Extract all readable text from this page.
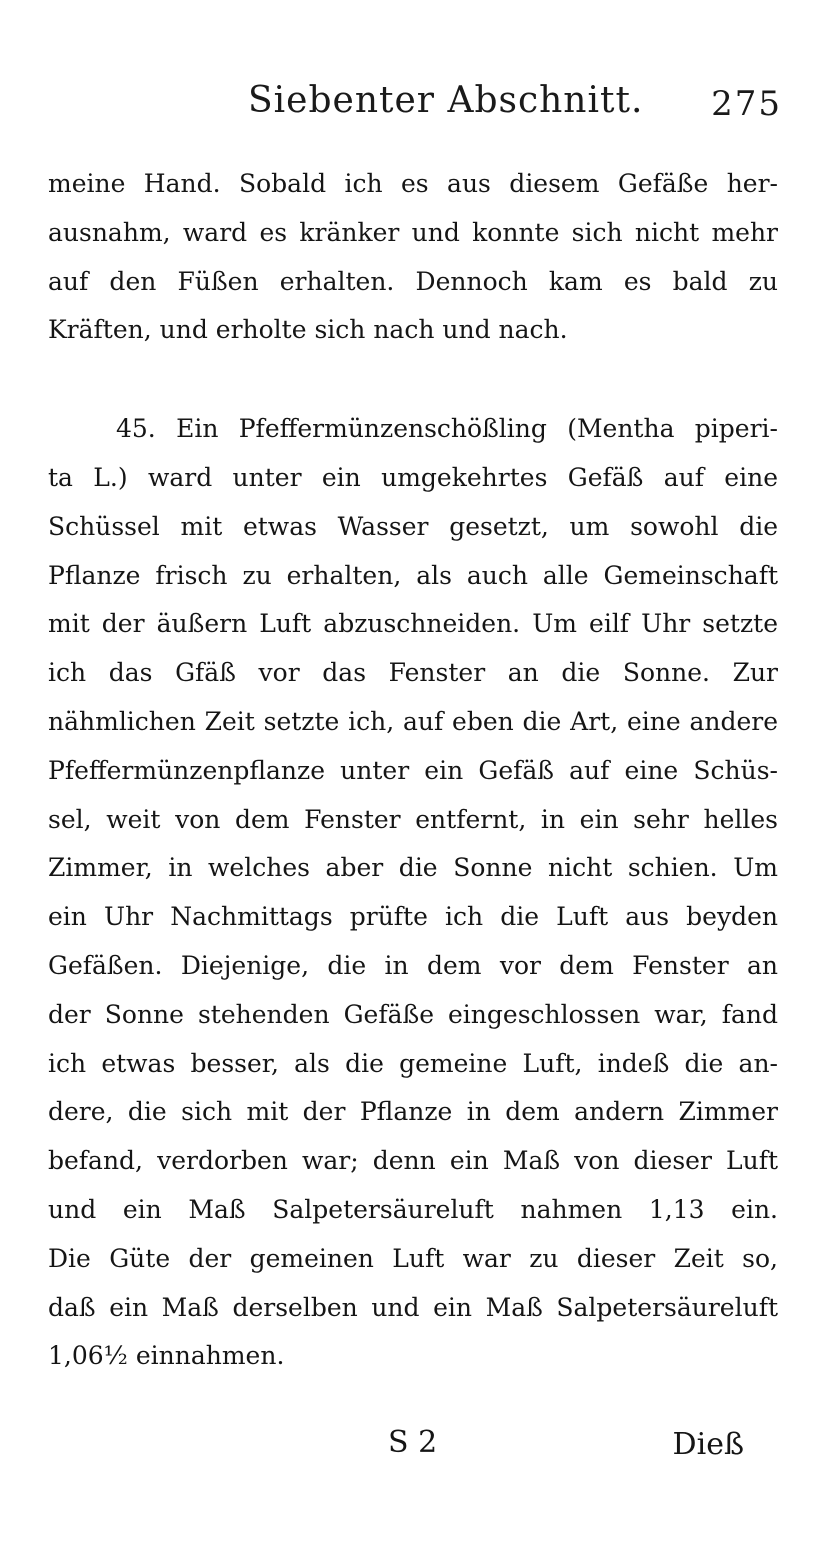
Siebenter Abschnitt. 275

meine Hand. Sobald ich es aus diesem Gefäße her-
ausnahm, ward es kränker und konnte sich nicht mehr
auf den Füßen erhalten. Dennoch kam es bald zu
Kräften, und erholte sich nach und nach.

45. Ein Pfeffermünzenschößling (Mentha piperi-
ta L.) ward unter ein umgekehrtes Gefäß auf eine
Schüssel mit etwas Wasser gesetzt, um sowohl die
Pflanze frisch zu erhalten, als auch alle Gemeinschaft
mit der äußern Luft abzuschneiden. Um eilf Uhr setzte
ich das Gfäß vor das Fenster an die Sonne. Zur
nähmlichen Zeit setzte ich, auf eben die Art, eine andere
Pfeffermünzenpflanze unter ein Gefäß auf eine Schüs-
sel, weit von dem Fenster entfernt, in ein sehr helles
Zimmer, in welches aber die Sonne nicht schien. Um
ein Uhr Nachmittags prüfte ich die Luft aus beyden
Gefäßen. Diejenige, die in dem vor dem Fenster an
der Sonne stehenden Gefäße eingeschlossen war, fand
ich etwas besser, als die gemeine Luft, indeß die an-
dere, die sich mit der Pflanze in dem andern Zimmer
befand, verdorben war; denn ein Maß von dieser Luft
und ein Maß Salpetersäureluft nahmen 1,13 ein.
Die Güte der gemeinen Luft war zu dieser Zeit so,
daß ein Maß derselben und ein Maß Salpetersäureluft
1,06½ einnahmen.

S 2	Dieß
